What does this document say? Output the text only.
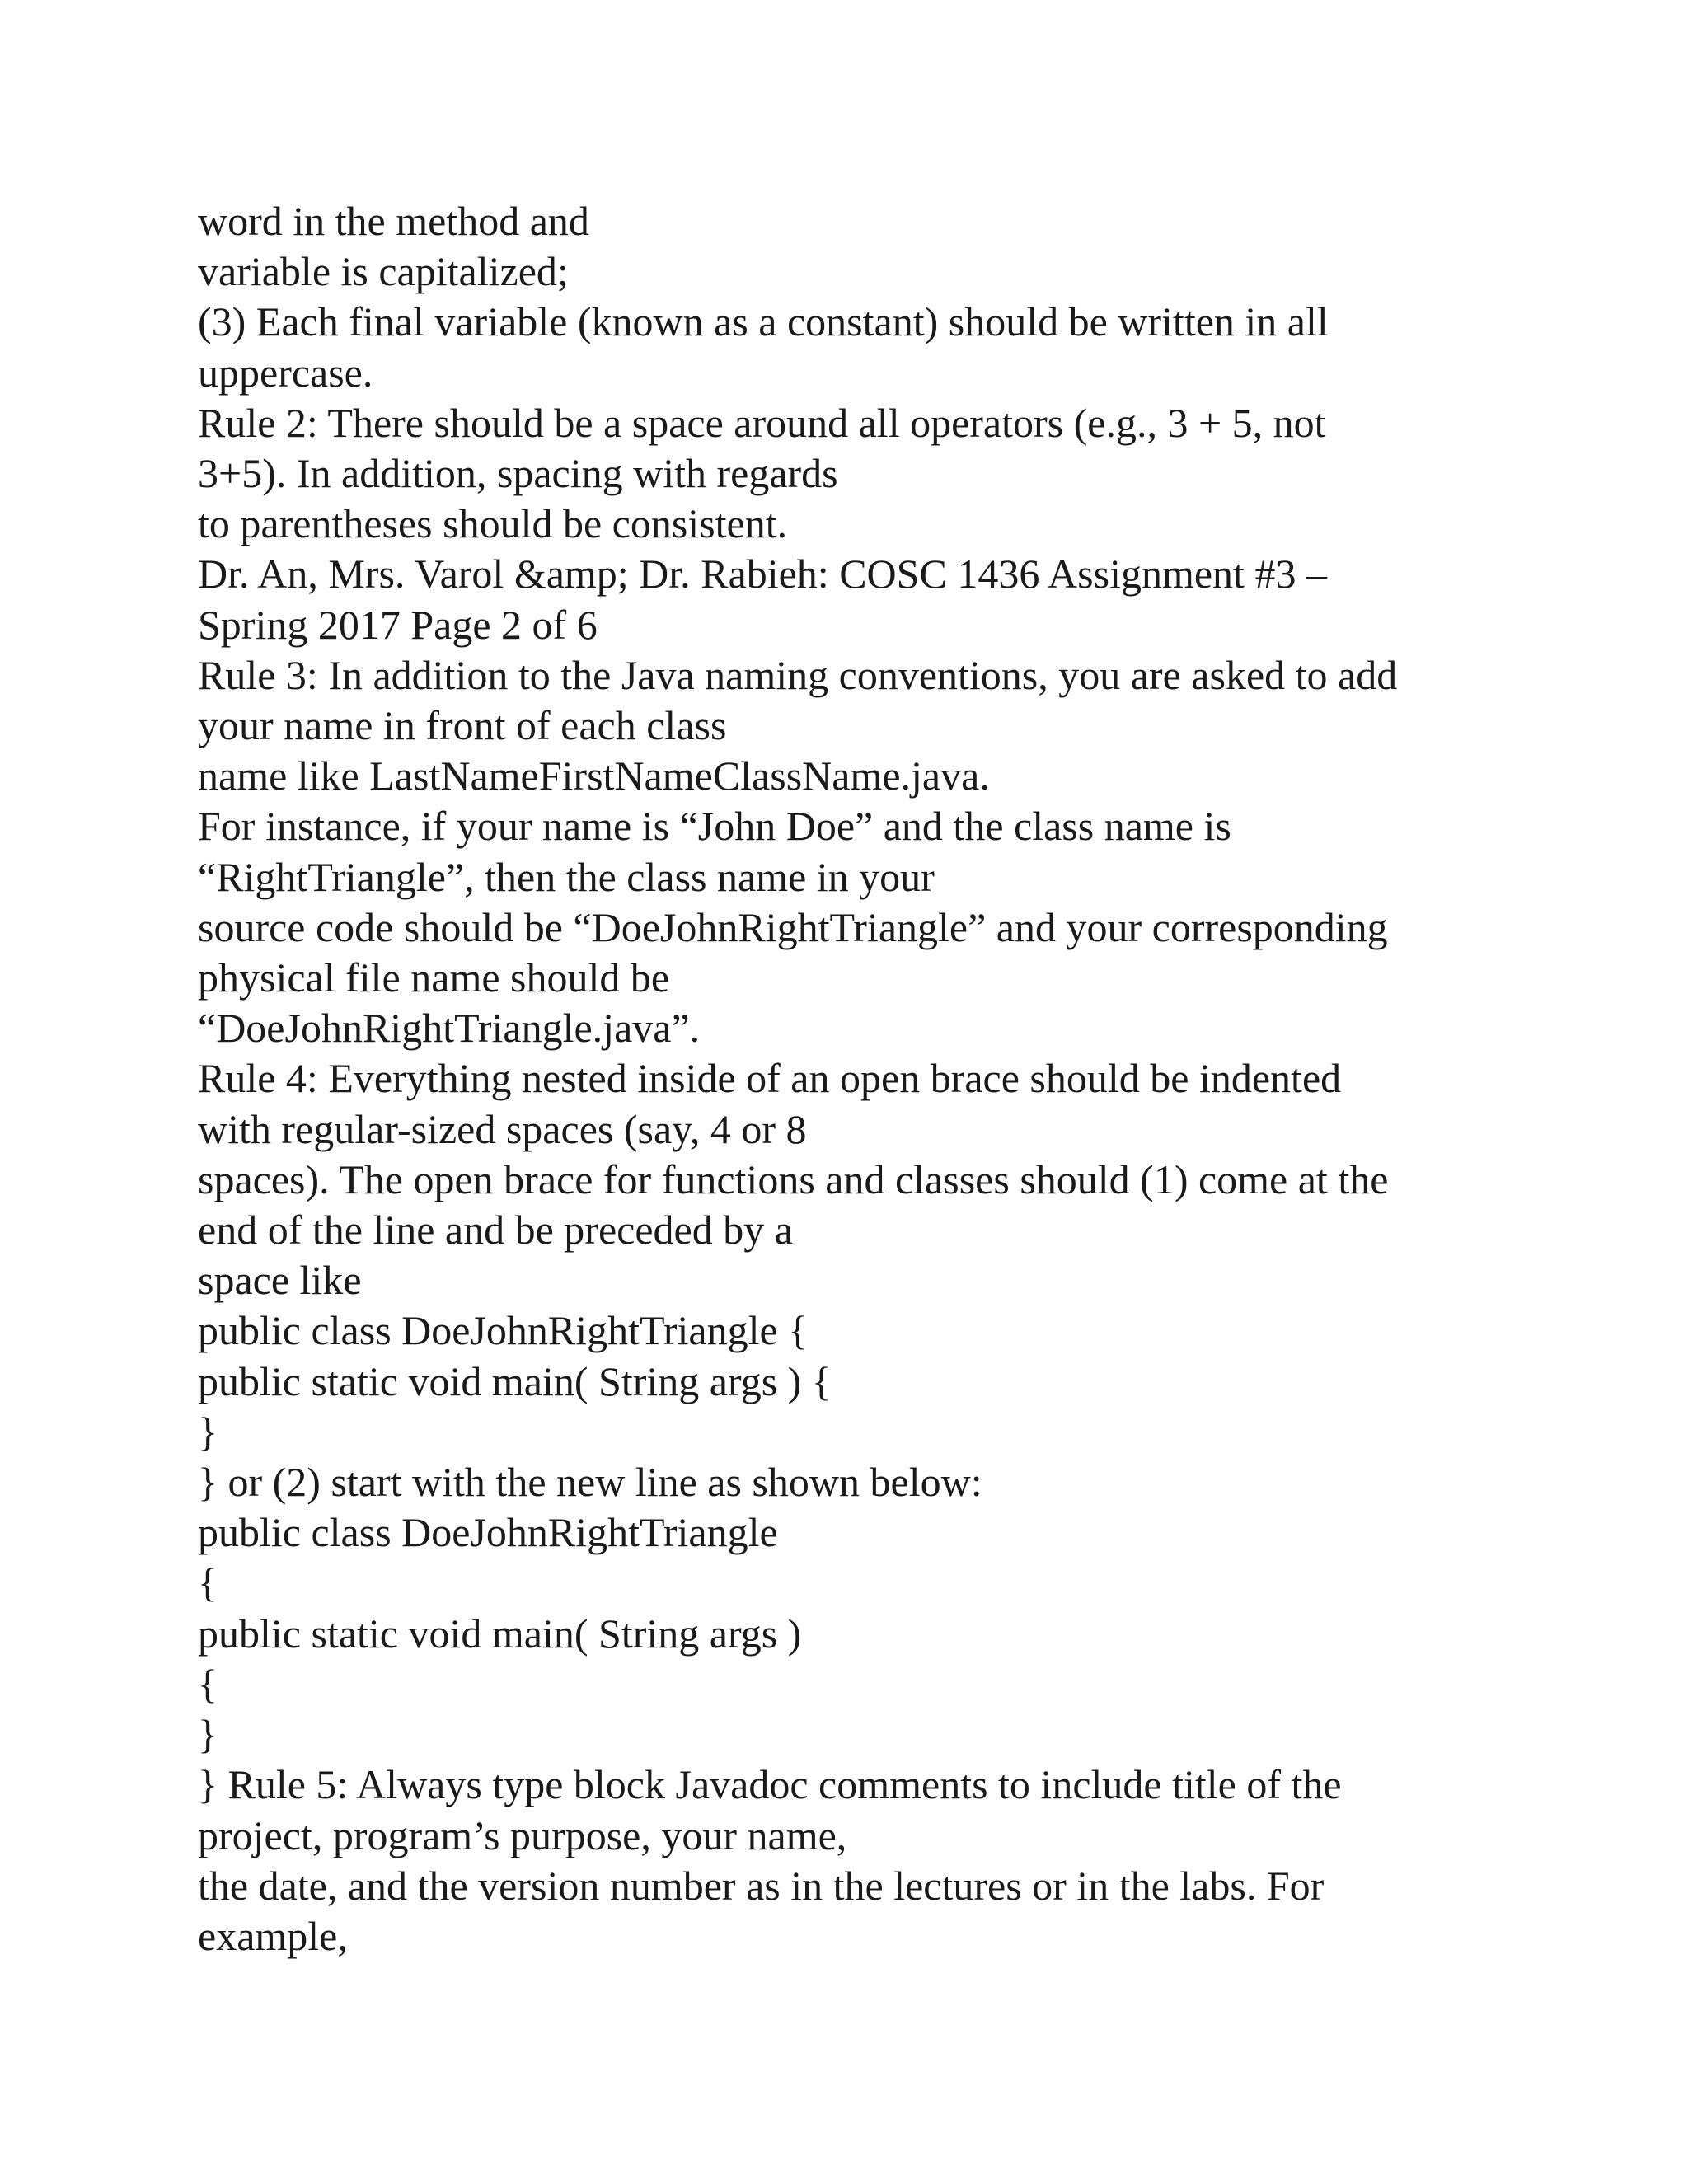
word in the method and
variable is capitalized;
(3) Each final variable (known as a constant) should be written in all
uppercase.
Rule 2: There should be a space around all operators (e.g., 3 + 5, not
3+5). In addition, spacing with regards
to parentheses should be consistent.
Dr. An, Mrs. Varol &amp; Dr. Rabieh: COSC 1436 Assignment #3 –
Spring 2017 Page 2 of 6
Rule 3: In addition to the Java naming conventions, you are asked to add
your name in front of each class
name like LastNameFirstNameClassName.java.
For instance, if your name is “John Doe” and the class name is
“RightTriangle”, then the class name in your
source code should be “DoeJohnRightTriangle” and your corresponding
physical file name should be
“DoeJohnRightTriangle.java”.
Rule 4: Everything nested inside of an open brace should be indented
with regular-sized spaces (say, 4 or 8
spaces). The open brace for functions and classes should (1) come at the
end of the line and be preceded by a
space like
public class DoeJohnRightTriangle {
public static void main( String args ) {
}
} or (2) start with the new line as shown below:
public class DoeJohnRightTriangle
{
public static void main( String args )
{
}
} Rule 5: Always type block Javadoc comments to include title of the
project, program’s purpose, your name,
the date, and the version number as in the lectures or in the labs. For
example,
